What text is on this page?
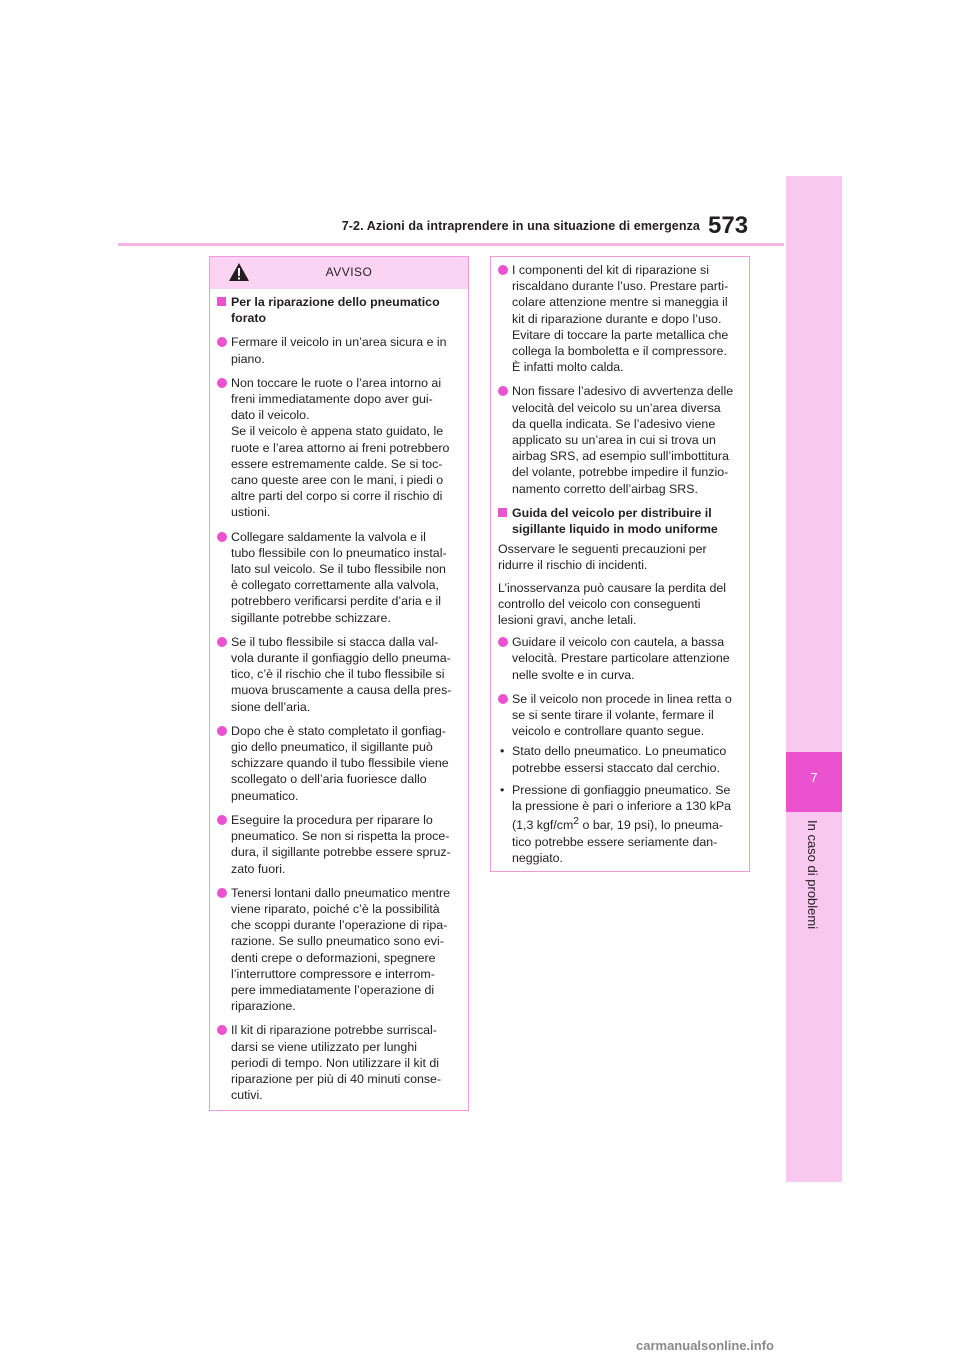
7-2. Azioni da intraprendere in una situazione di emergenza 573
7
In caso di problemi
AVVISO
Per la riparazione dello pneumatico
forato
Fermare il veicolo in un’area sicura e in
piano.
Non toccare le ruote o l’area intorno ai
freni immediatamente dopo aver gui-
dato il veicolo.
Se il veicolo è appena stato guidato, le
ruote e l’area attorno ai freni potrebbero
essere estremamente calde. Se si toc-
cano queste aree con le mani, i piedi o
altre parti del corpo si corre il rischio di
ustioni.
Collegare saldamente la valvola e il
tubo flessibile con lo pneumatico instal-
lato sul veicolo. Se il tubo flessibile non
è collegato correttamente alla valvola,
potrebbero verificarsi perdite d’aria e il
sigillante potrebbe schizzare.
Se il tubo flessibile si stacca dalla val-
vola durante il gonfiaggio dello pneuma-
tico, c’è il rischio che il tubo flessibile si
muova bruscamente a causa della pres-
sione dell’aria.
Dopo che è stato completato il gonfiag-
gio dello pneumatico, il sigillante può
schizzare quando il tubo flessibile viene
scollegato o dell’aria fuoriesce dallo
pneumatico.
Eseguire la procedura per riparare lo
pneumatico. Se non si rispetta la proce-
dura, il sigillante potrebbe essere spruz-
zato fuori.
Tenersi lontani dallo pneumatico mentre
viene riparato, poiché c’è la possibilità
che scoppi durante l’operazione di ripa-
razione. Se sullo pneumatico sono evi-
denti crepe o deformazioni, spegnere
l’interruttore compressore e interrom-
pere immediatamente l’operazione di
riparazione.
Il kit di riparazione potrebbe surriscal-
darsi se viene utilizzato per lunghi
periodi di tempo. Non utilizzare il kit di
riparazione per più di 40 minuti conse-
cutivi.
I componenti del kit di riparazione si
riscaldano durante l’uso. Prestare parti-
colare attenzione mentre si maneggia il
kit di riparazione durante e dopo l’uso.
Evitare di toccare la parte metallica che
collega la bomboletta e il compressore.
È infatti molto calda.
Non fissare l’adesivo di avvertenza delle
velocità del veicolo su un’area diversa
da quella indicata. Se l’adesivo viene
applicato su un’area in cui si trova un
airbag SRS, ad esempio sull’imbottitura
del volante, potrebbe impedire il funzio-
namento corretto dell’airbag SRS.
Guida del veicolo per distribuire il
sigillante liquido in modo uniforme
Osservare le seguenti precauzioni per
ridurre il rischio di incidenti.
L’inosservanza può causare la perdita del
controllo del veicolo con conseguenti
lesioni gravi, anche letali.
Guidare il veicolo con cautela, a bassa
velocità. Prestare particolare attenzione
nelle svolte e in curva.
Se il veicolo non procede in linea retta o
se si sente tirare il volante, fermare il
veicolo e controllare quanto segue.
• Stato dello pneumatico. Lo pneumatico
potrebbe essersi staccato dal cerchio.
• Pressione di gonfiaggio pneumatico. Se
la pressione è pari o inferiore a 130 kPa
(1,3 kgf/$cm^2$ o bar, 19 psi), lo pneuma-
tico potrebbe essere seriamente dan-
neggiato.
carmanualsonline.info
